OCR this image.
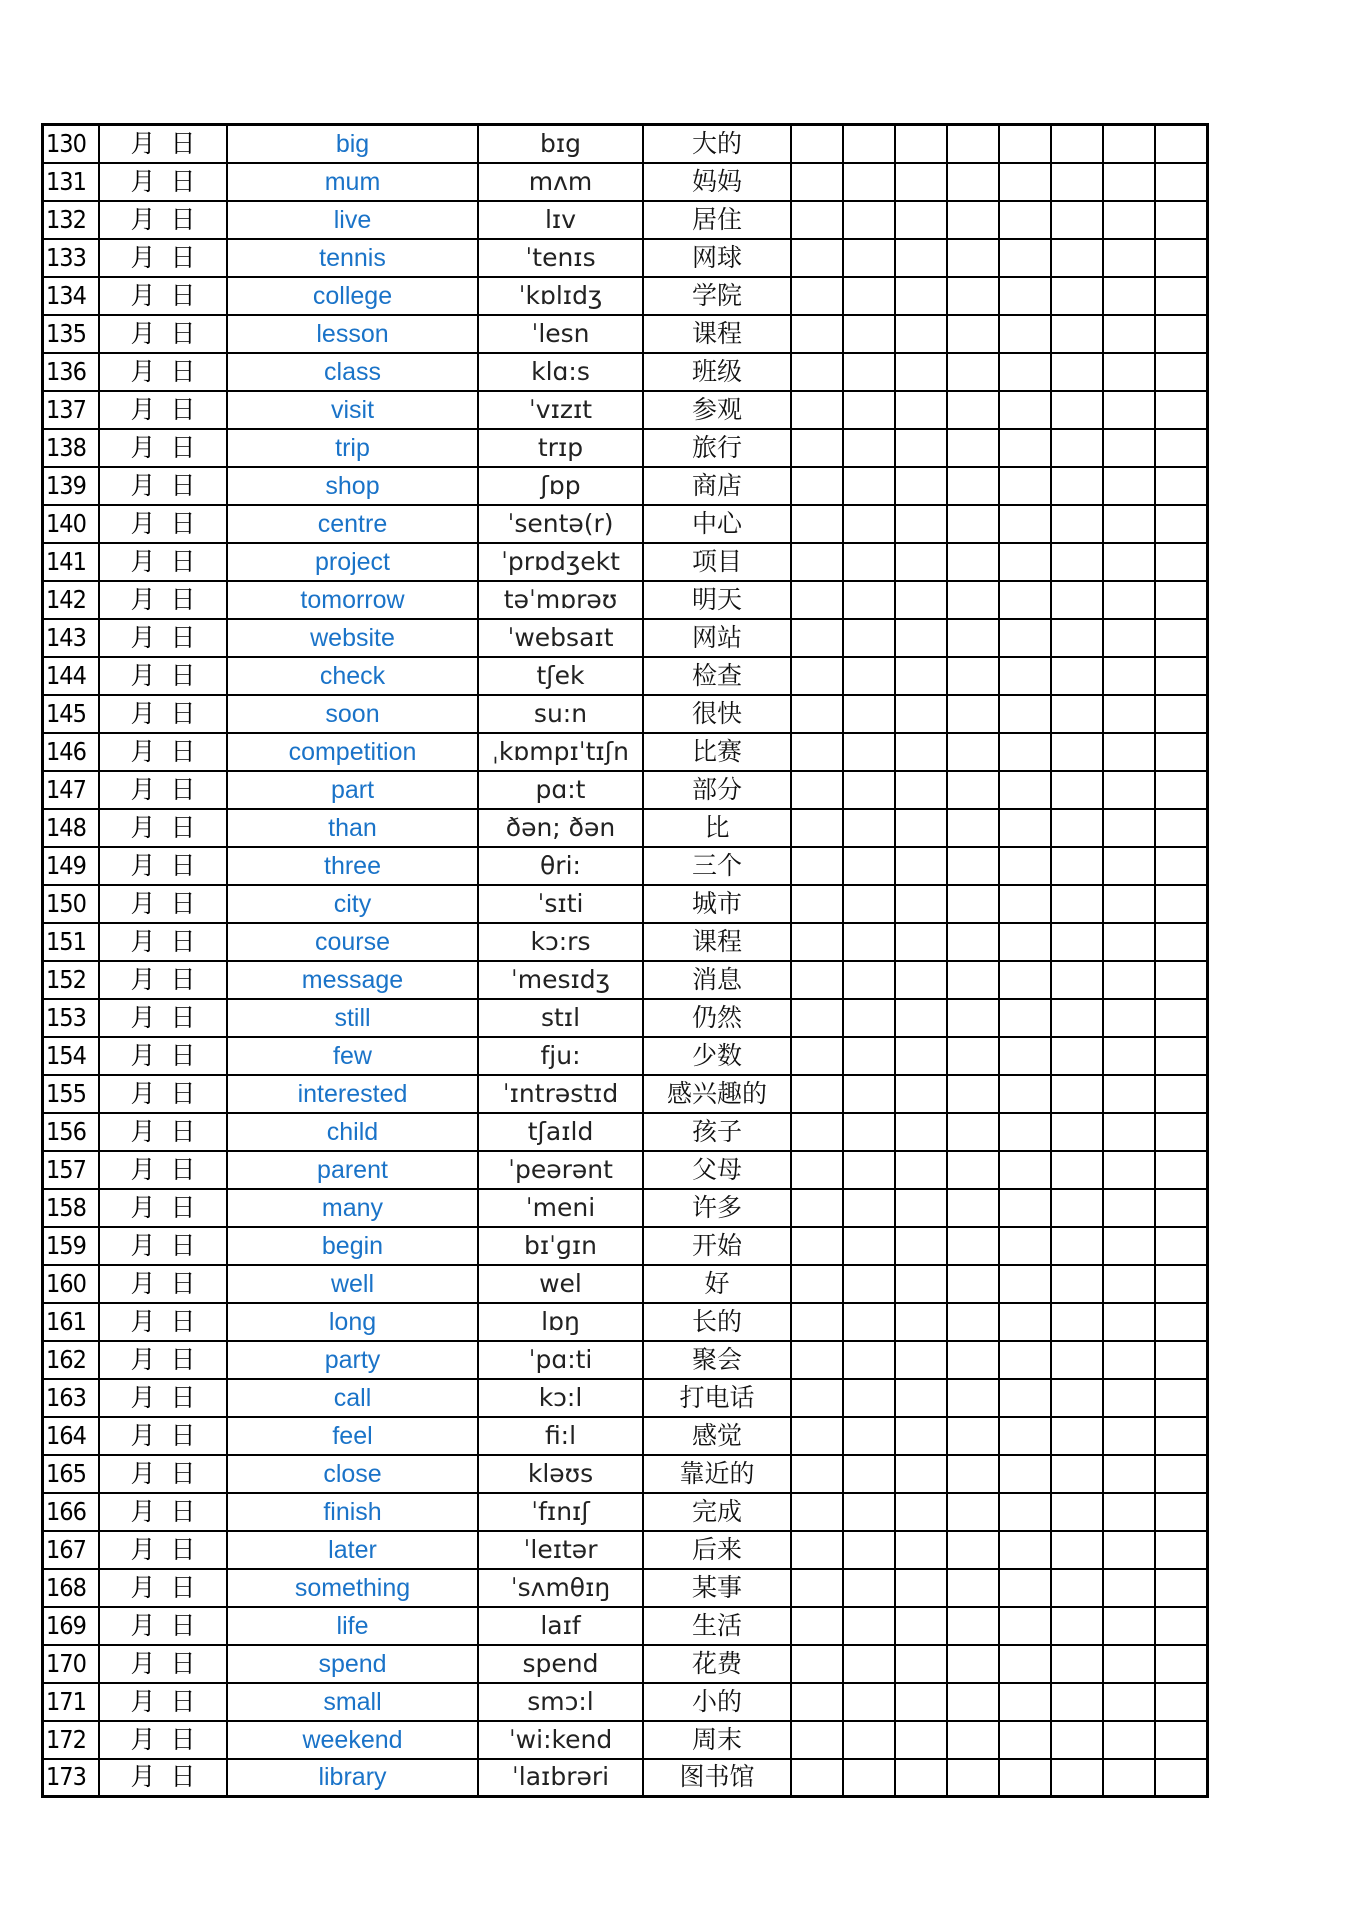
130	月 日	big	bɪg	大的								
131	月 日	mum	mʌm	妈妈								
132	月 日	live	lɪv	居住								
133	月 日	tennis	ˈtenɪs	网球								
134	月 日	college	ˈkɒlɪdʒ	学院								
135	月 日	lesson	ˈlesn	课程								
136	月 日	class	klɑ:s	班级								
137	月 日	visit	ˈvɪzɪt	参观								
138	月 日	trip	trɪp	旅行								
139	月 日	shop	ʃɒp	商店								
140	月 日	centre	ˈsentə(r)	中心								
141	月 日	project	ˈprɒdʒekt	项目								
142	月 日	tomorrow	təˈmɒrəʊ	明天								
143	月 日	website	ˈwebsaɪt	网站								
144	月 日	check	tʃek	检查								
145	月 日	soon	su:n	很快								
146	月 日	competition	ˌkɒmpɪˈtɪʃn	比赛								
147	月 日	part	pɑ:t	部分								
148	月 日	than	ðən; ðən	比								
149	月 日	three	θri:	三个								
150	月 日	city	ˈsɪti	城市								
151	月 日	course	kɔ:rs	课程								
152	月 日	message	ˈmesɪdʒ	消息								
153	月 日	still	stɪl	仍然								
154	月 日	few	fju:	少数								
155	月 日	interested	ˈɪntrəstɪd	感兴趣的								
156	月 日	child	tʃaɪld	孩子								
157	月 日	parent	ˈpeərənt	父母								
158	月 日	many	ˈmeni	许多								
159	月 日	begin	bɪˈɡɪn	开始								
160	月 日	well	wel	好								
161	月 日	long	lɒŋ	长的								
162	月 日	party	ˈpɑ:ti	聚会								
163	月 日	call	kɔ:l	打电话								
164	月 日	feel	fi:l	感觉								
165	月 日	close	kləʊs	靠近的								
166	月 日	finish	ˈfɪnɪʃ	完成								
167	月 日	later	ˈleɪtər	后来								
168	月 日	something	ˈsʌmθɪŋ	某事								
169	月 日	life	laɪf	生活								
170	月 日	spend	spend	花费								
171	月 日	small	smɔ:l	小的								
172	月 日	weekend	ˈwi:kend	周末								
173	月 日	library	ˈlaɪbrəri	图书馆								
